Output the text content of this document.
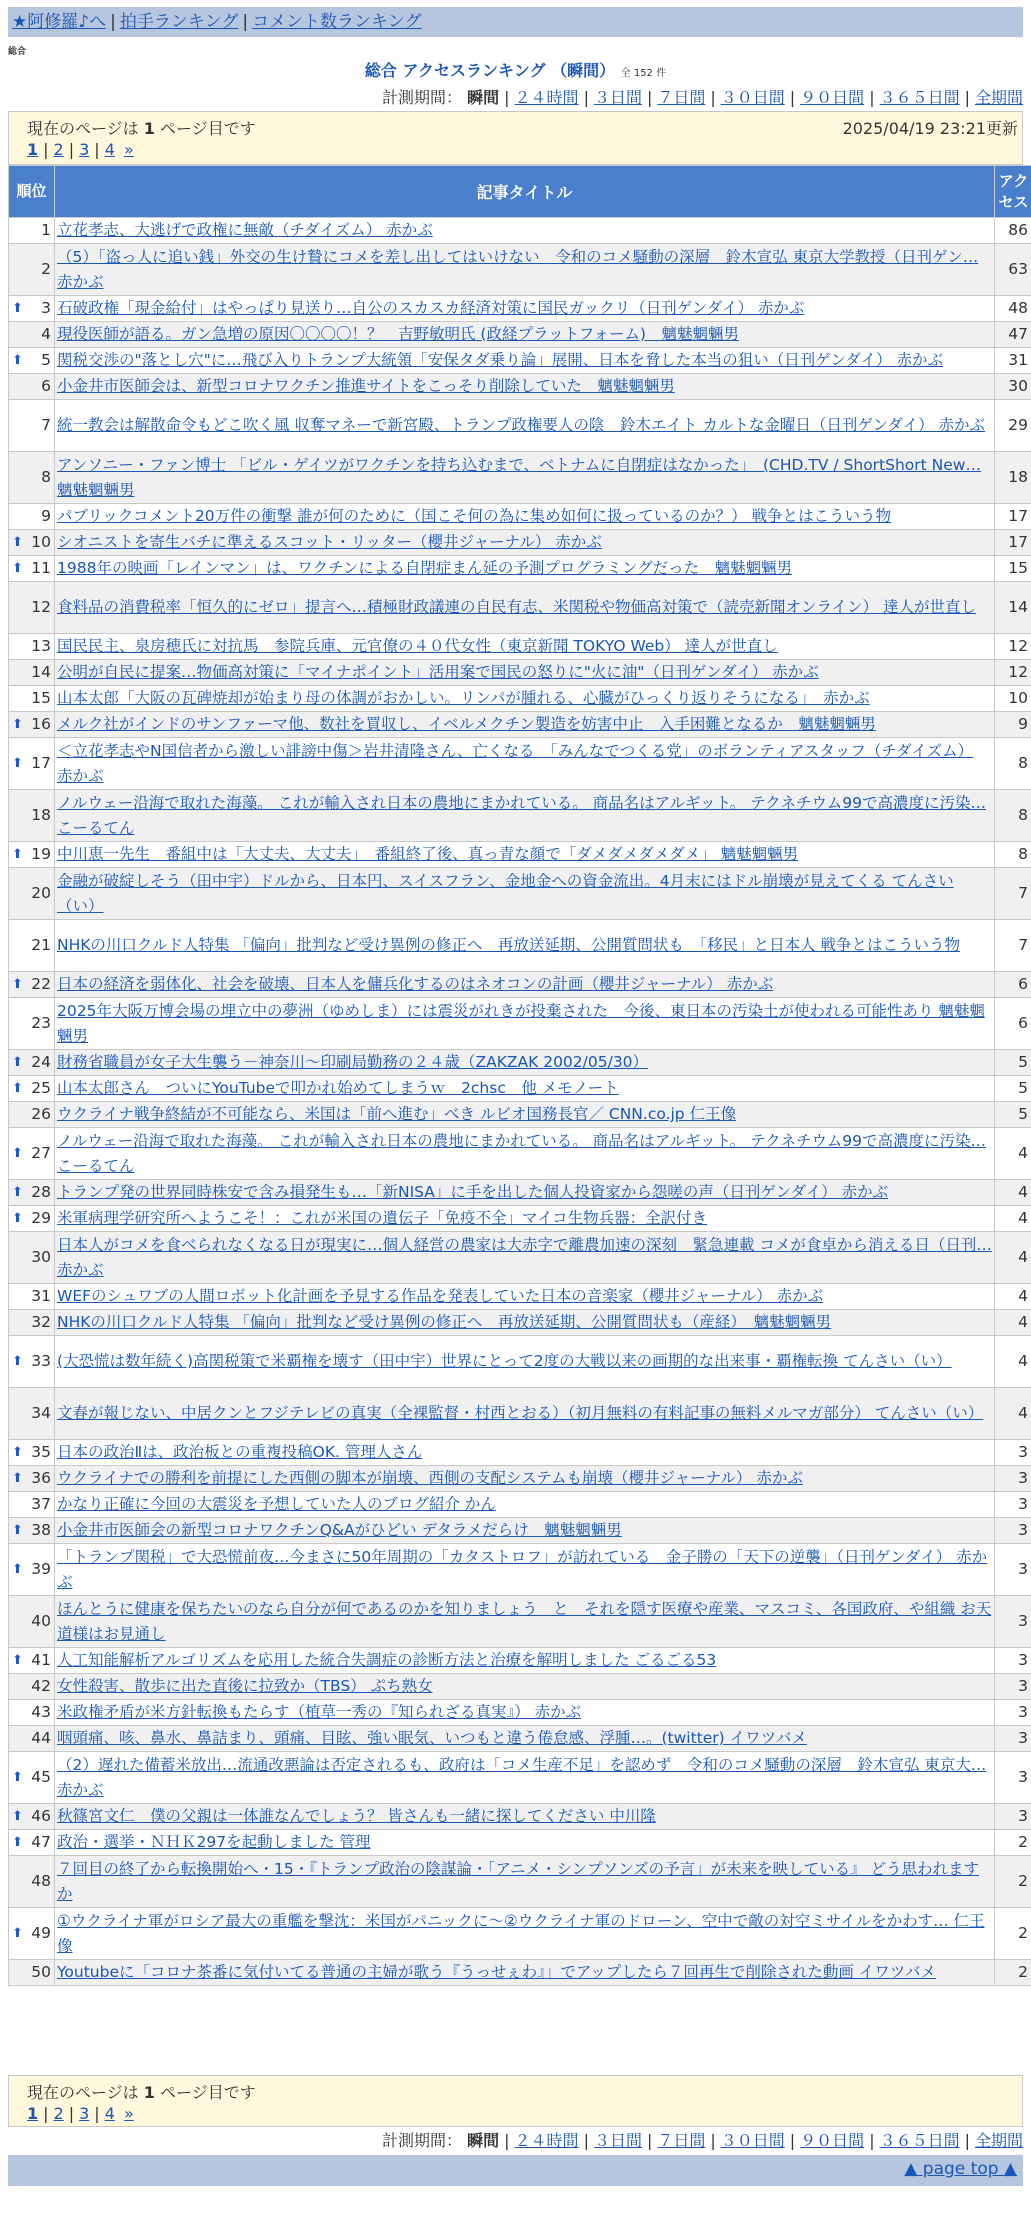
★阿修羅♪へ | 拍手ランキング | コメント数ランキング
総合
総合 アクセスランキング （瞬間） 全 152 件
計測期間： 瞬間 | ２４時間 | ３日間 | ７日間 | ３０日間 | ９０日間 | ３６５日間 | 全期間
現在のページは 1 ページ目です	2025/04/19 23:21更新
1 | 2 | 3 | 4 »
順位	記事タイトル	アクセス
1	立花孝志、大逃げで政権に無敵（チダイズム） 赤かぶ	86
2	（5）「盗っ人に追い銭」外交の生け贄にコメを差し出してはいけない　令和のコメ騒動の深層　鈴木宣弘 東京大学教授（日刊ゲン… 赤かぶ	63

⬆ 3	石破政権「現金給付」はやっぱり見送り…自公のスカスカ経済対策に国民ガックリ（日刊ゲンダイ） 赤かぶ	48
4	現役医師が語る。ガン急増の原因〇〇〇〇！？　吉野敏明氏 (政経プラットフォーム)　魑魅魍魎男	47

⬆ 5	関税交渉の"落とし穴"に…飛び入りトランプ大統領「安保タダ乗り論」展開、日本を脅した本当の狙い（日刊ゲンダイ） 赤かぶ	31
6	小金井市医師会は、新型コロナワクチン推進サイトをこっそり削除していた　魑魅魍魎男	30
7	統一教会は解散命令もどこ吹く風 収奪マネーで新宮殿、トランプ政権要人の陰　鈴木エイト カルトな金曜日（日刊ゲンダイ） 赤かぶ	29
8	アンソニー・ファン博士 「ビル・ゲイツがワクチンを持ち込むまで、ベトナムに自閉症はなかった」　(CHD.TV / ShortShort New… 魑魅魍魎男	18
9	パブリックコメント20万件の衝撃 誰が何のために（国こそ何の為に集め如何に扱っているのか？） 戦争とはこういう物	17

⬆ 10	シオニストを寄生バチに準えるスコット・リッター（櫻井ジャーナル） 赤かぶ	17

⬆ 11	1988年の映画「レインマン」は、ワクチンによる自閉症まん延の予測プログラミングだった　魑魅魍魎男	15
12	食料品の消費税率「恒久的にゼロ」提言へ…積極財政議連の自民有志、米関税や物価高対策で（読売新聞オンライン） 達人が世直し	14
13	国民民主、泉房穂氏に対抗馬　参院兵庫、元官僚の４０代女性（東京新聞 TOKYO Web） 達人が世直し	12
14	公明が自民に提案…物価高対策に「マイナポイント」活用案で国民の怒りに"火に油"（日刊ゲンダイ） 赤かぶ	12
15	山本太郎「大阪の瓦碑焼却が始まり母の体調がおかしい。リンパが腫れる、心臓がひっくり返りそうになる」　赤かぶ	10

⬆ 16	メルク社がインドのサンファーマ他、数社を買収し、イベルメクチン製造を妨害中止　入手困難となるか　魑魅魍魎男	9

⬆ 17	＜立花孝志やN国信者から激しい誹謗中傷＞岩井清隆さん、亡くなる　「みんなでつくる党」のボランティアスタッフ（チダイズム） 赤かぶ	8
18	ノルウェー沿海で取れた海藻。 これが輸入され日本の農地にまかれている。 商品名はアルギット。 テクネチウム99で高濃度に汚染… こーるてん	8

⬆ 19	中川恵一先生　番組中は「大丈夫、大丈夫」　番組終了後、真っ青な顔で「ダメダメダメダメ」 魑魅魍魎男	8
20	金融が破綻しそう（田中宇）ドルから、日本円、スイスフラン、金地金への資金流出。4月末にはドル崩壊が見えてくる てんさい（い）	7
21	NHKの川口クルド人特集 「偏向」批判など受け異例の修正へ　再放送延期、公開質問状も　「移民」と日本人 戦争とはこういう物	7

⬆ 22	日本の経済を弱体化、社会を破壊、日本人を傭兵化するのはネオコンの計画（櫻井ジャーナル） 赤かぶ	6
23	2025年大阪万博会場の埋立中の夢洲（ゆめしま）には震災がれきが投棄された　今後、東日本の汚染土が使われる可能性あり 魑魅魍魎男	6

⬆ 24	財務省職員が女子大生襲う－神奈川～印刷局勤務の２４歳（ZAKZAK 2002/05/30）	5

⬆ 25	山本太郎さん　ついにYouTubeで叩かれ始めてしまうｗ　2chsc　他 メモノート	5
26	ウクライナ戦争終結が不可能なら、米国は「前へ進む」べき ルビオ国務長官／ CNN.co.jp 仁王像	5

⬆ 27	ノルウェー沿海で取れた海藻。 これが輸入され日本の農地にまかれている。 商品名はアルギット。 テクネチウム99で高濃度に汚染… こーるてん	4

⬆ 28	トランプ発の世界同時株安で含み損発生も…「新NISA」に手を出した個人投資家から怨嗟の声（日刊ゲンダイ） 赤かぶ	4

⬆ 29	米軍病理学研究所へようこそ！：これが米国の遺伝子「免疫不全」マイコ生物兵器：全訳付き	4
30	日本人がコメを食べられなくなる日が現実に…個人経営の農家は大赤字で離農加速の深刻　緊急連載 コメが食卓から消える日（日刊… 赤かぶ	4
31	WEFのシュワブの人間ロボット化計画を予見する作品を発表していた日本の音楽家（櫻井ジャーナル） 赤かぶ	4
32	NHKの川口クルド人特集 「偏向」批判など受け異例の修正へ　再放送延期、公開質問状も（産経）　魑魅魍魎男	4

⬆ 33	(大恐慌は数年続く)高関税策で米覇権を壊す（田中宇）世界にとって2度の大戦以来の画期的な出来事・覇権転換 てんさい（い）	4
34	文春が報じない、中居クンとフジテレビの真実（全裸監督・村西とおる）（初月無料の有料記事の無料メルマガ部分） てんさい（い）	4

⬆ 35	日本の政治Ⅱは、政治板との重複投稿OK. 管理人さん	3

⬆ 36	ウクライナでの勝利を前提にした西側の脚本が崩壊、西側の支配システムも崩壊（櫻井ジャーナル） 赤かぶ	3
37	かなり正確に今回の大震災を予想していた人のブログ紹介 かん	3

⬆ 38	小金井市医師会の新型コロナワクチンQ&Aがひどい デタラメだらけ　魑魅魍魎男	3

⬆ 39	「トランプ関税」で大恐慌前夜…今まさに50年周期の「カタストロフ」が訪れている　金子勝の「天下の逆襲」（日刊ゲンダイ） 赤かぶ	3
40	ほんとうに健康を保ちたいのなら自分が何であるのかを知りましょう　と　それを隠す医療や産業、マスコミ、各国政府、や組織 お天道様はお見通し	3

⬆ 41	人工知能解析アルゴリズムを応用した統合失調症の診断方法と治療を解明しました ごるごる53	3
42	女性殺害、散歩に出た直後に拉致か（TBS） ぷち熟女	3
43	米政権矛盾が米方針転換もたらす（植草一秀の『知られざる真実』） 赤かぶ	3
44	咽頭痛、咳、鼻水、鼻詰まり、頭痛、目眩、強い眠気、いつもと違う倦怠感、浮腫…。(twitter) イワツバメ	3

⬆ 45	（2）遅れた備蓄米放出…流通改悪論は否定されるも、政府は「コメ生産不足」を認めず　令和のコメ騒動の深層　鈴木宣弘 東京大… 赤かぶ	3

⬆ 46	秋篠宮文仁　僕の父親は一体誰なんでしょう？ 皆さんも一緒に探してください 中川隆	3

⬆ 47	政治・選挙・ＮＨＫ297を起動しました 管理	2
48	７回目の終了から転換開始へ・15・『トランプ政治の陰謀論・「アニメ・シンプソンズの予言」が未来を映している』 どう思われますか	2

⬆ 49	①ウクライナ軍がロシア最大の重艦を撃沈：米国がパニックに～②ウクライナ軍のドローン、空中で敵の対空ミサイルをかわす… 仁王像	2
50	Youtubeに「コロナ茶番に気付いてる普通の主婦が歌う『うっせぇわ』」でアップしたら７回再生で削除された動画 イワツバメ	2
現在のページは 1 ページ目です
1 | 2 | 3 | 4 »
計測期間： 瞬間 | ２４時間 | ３日間 | ７日間 | ３０日間 | ９０日間 | ３６５日間 | 全期間
▲ page top ▲
